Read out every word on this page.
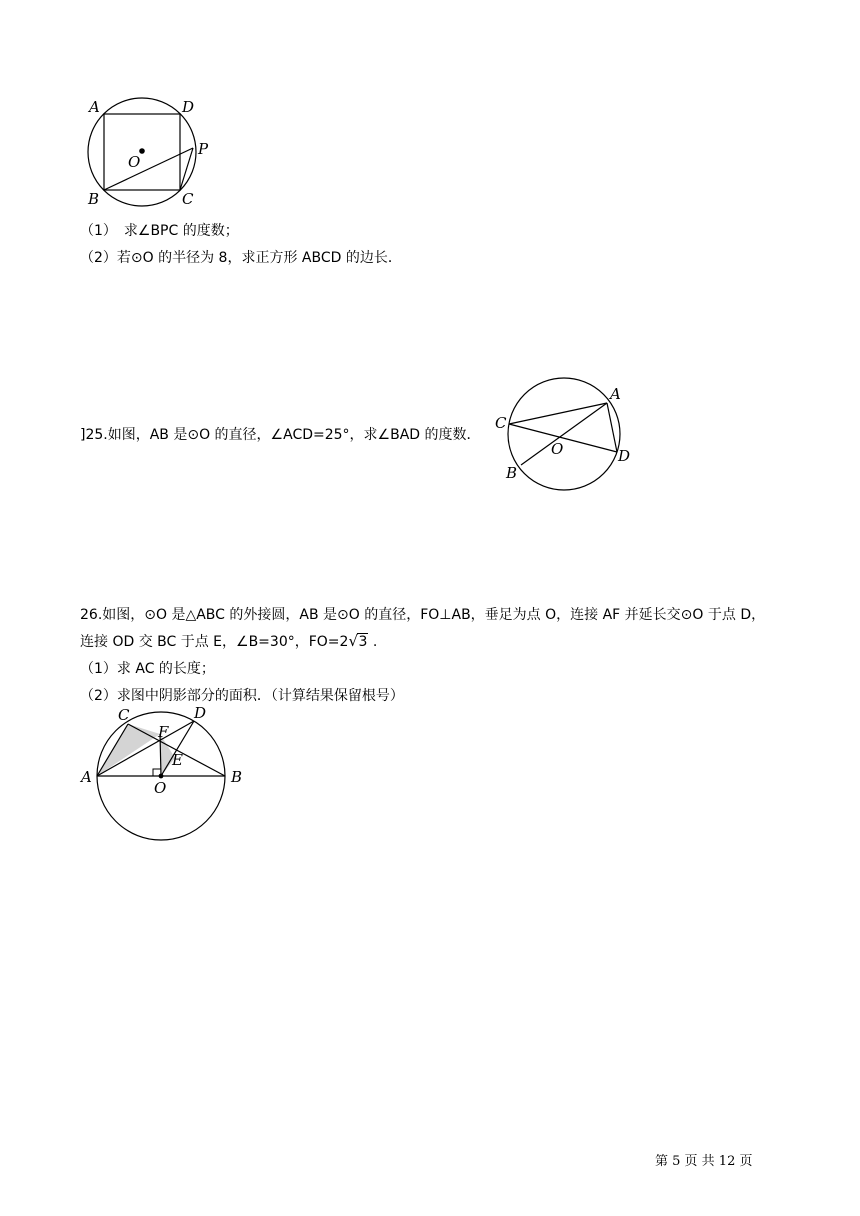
A	D
O
P
B	C
（1）　求∠BPC 的度数；
（2）若⊙O 的半径为 8，求正方形 ABCD 的边长．
]25.如图，AB 是⊙O 的直径，∠ACD=25°，求∠BAD 的度数．
A
C
O	D
B
26.如图，⊙O 是△ABC 的外接圆，AB 是⊙O 的直径，FO⊥AB，垂足为点 O，连接 AF 并延长交⊙O 于点 D，
连接 OD 交 BC 于点 E，∠B=30°，FO=2 √ 3 .
（1）求 AC 的长度；
（2）求图中阴影部分的面积．（计算结果保留根号）
C	D
F
E
A
O
B
第 5 页 共 12 页
